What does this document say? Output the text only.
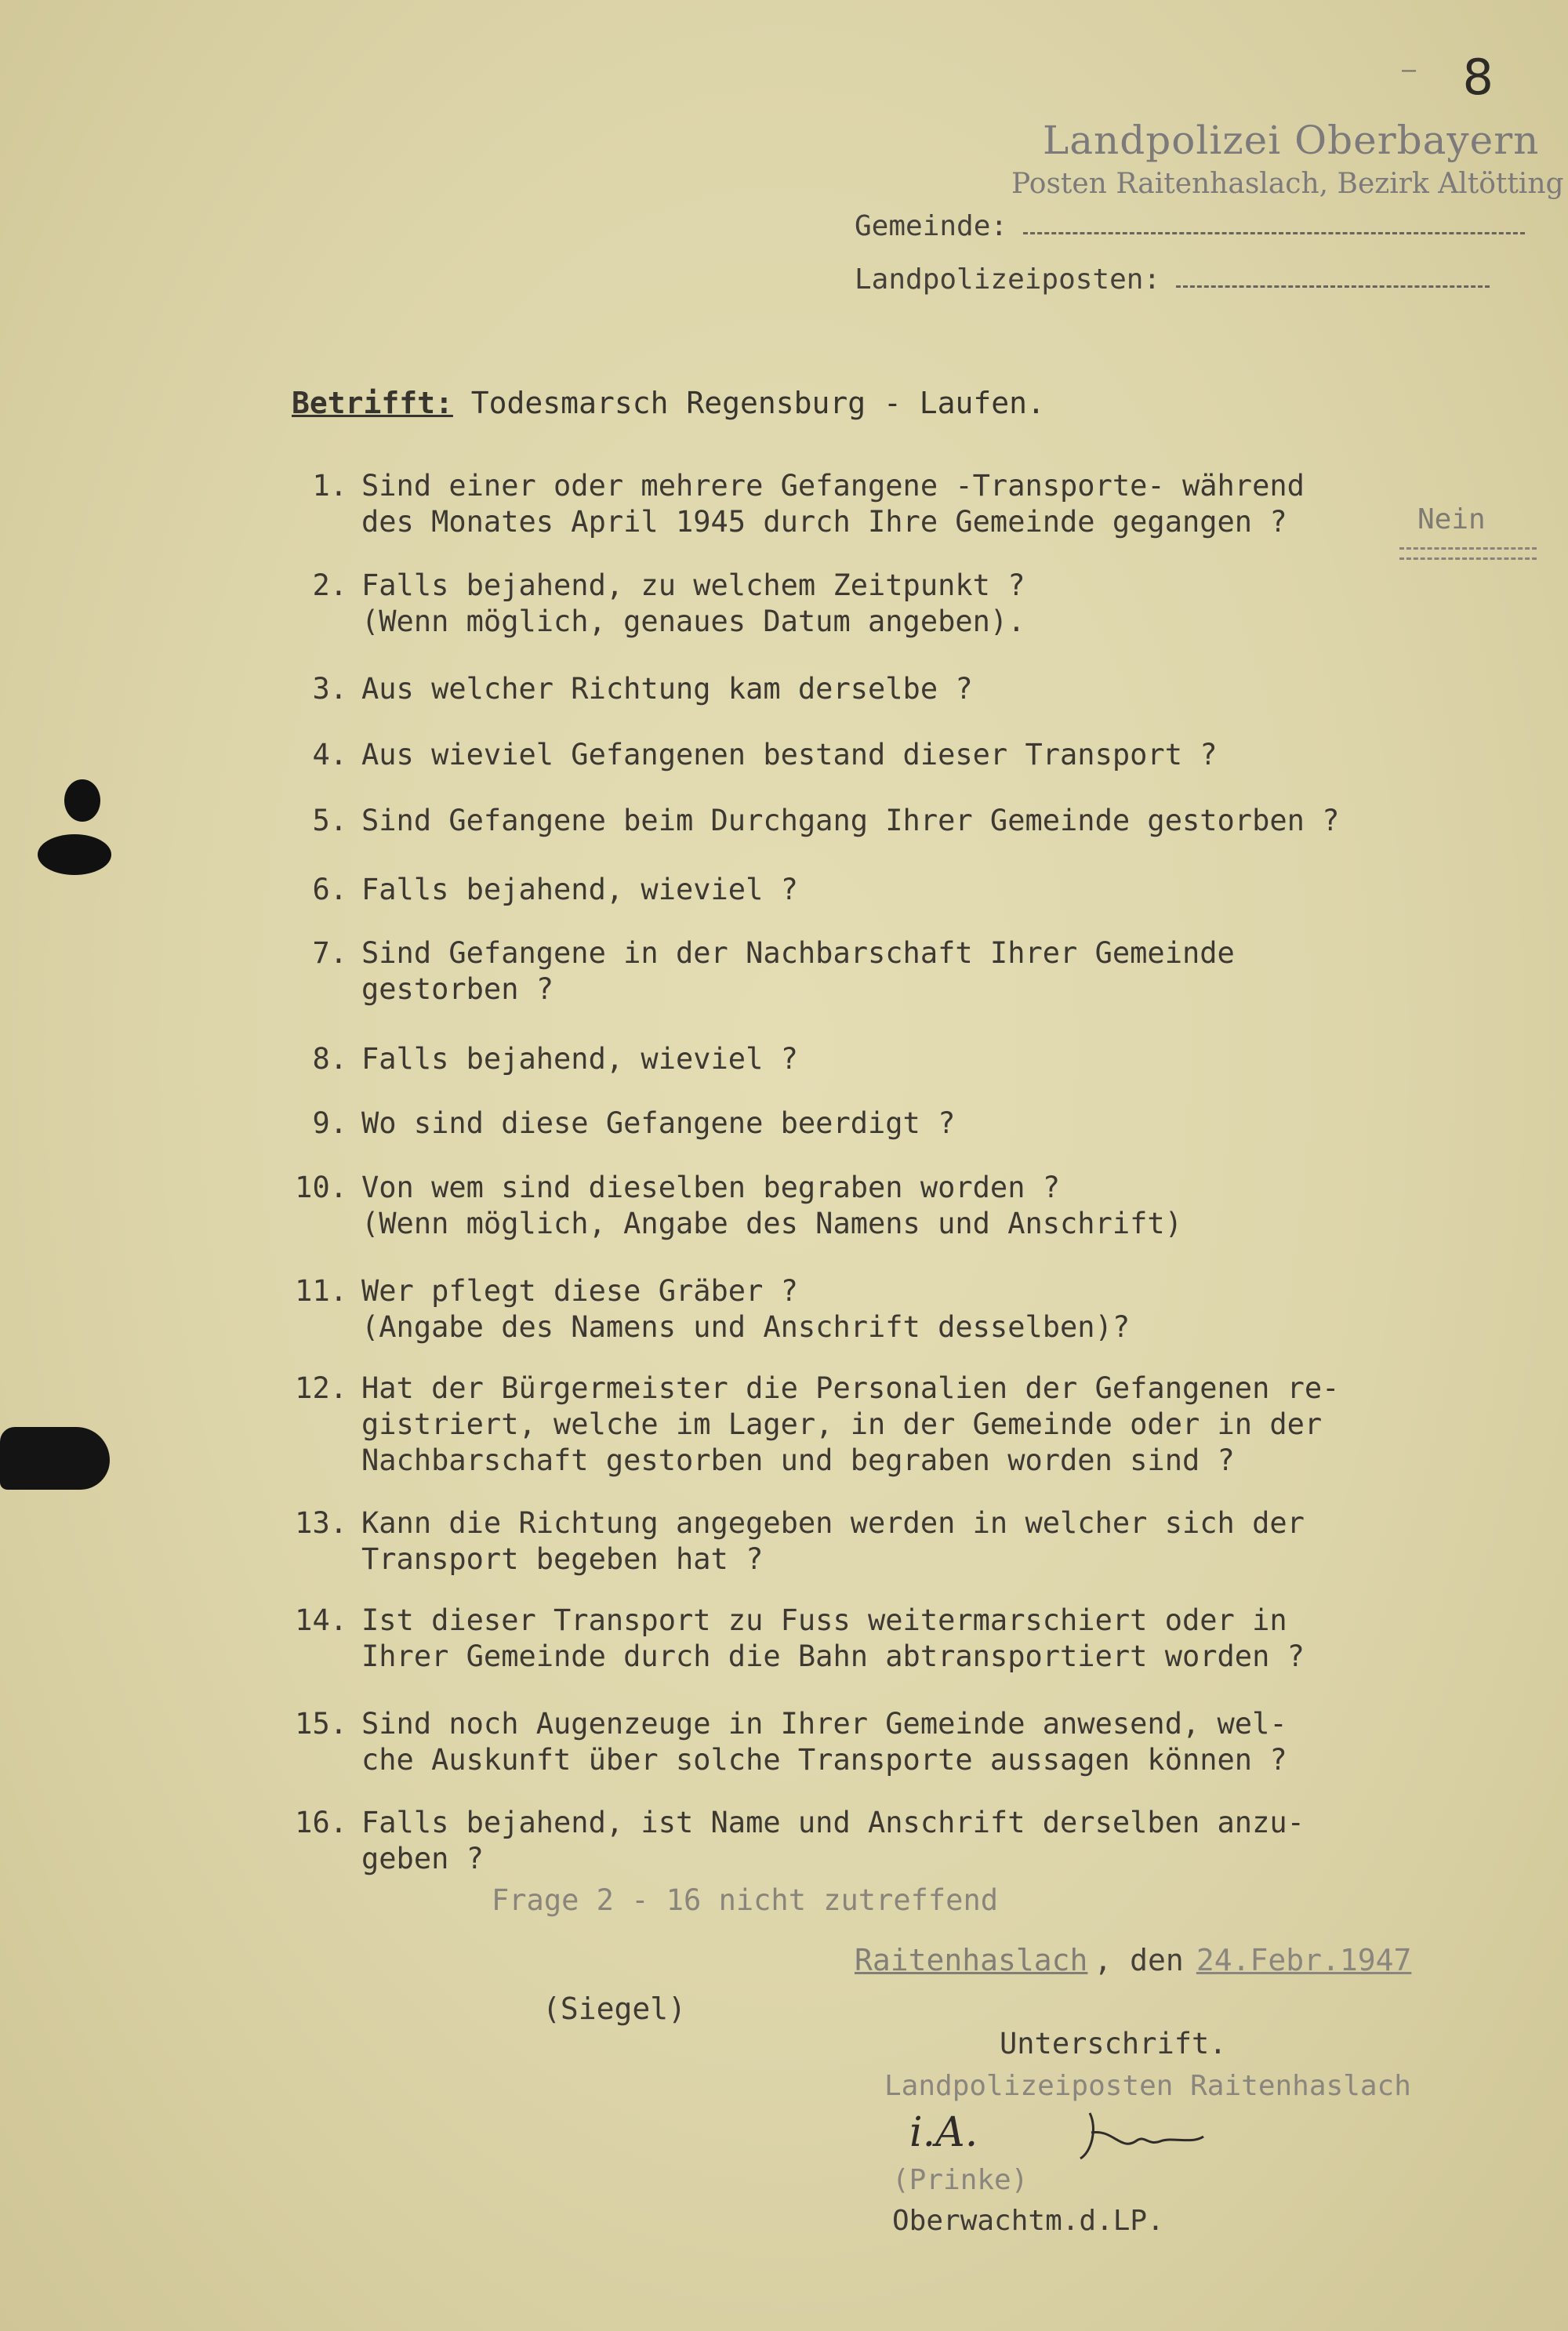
— 8
Landpolizei Oberbayern
Posten Raitenhaslach, Bezirk Altötting
Gemeinde:
Landpolizeiposten:
Betrifft: Todesmarsch Regensburg - Laufen.
1. Sind einer oder mehrere Gefangene -Transporte- während
des Monates April 1945 durch Ihre Gemeinde gegangen ?	Nein
2. Falls bejahend, zu welchem Zeitpunkt ?
(Wenn möglich, genaues Datum angeben).
3. Aus welcher Richtung kam derselbe ?
4. Aus wieviel Gefangenen bestand dieser Transport ?
5. Sind Gefangene beim Durchgang Ihrer Gemeinde gestorben ?
6. Falls bejahend, wieviel ?
7. Sind Gefangene in der Nachbarschaft Ihrer Gemeinde
gestorben ?
8. Falls bejahend, wieviel ?
9. Wo sind diese Gefangene beerdigt ?
10. Von wem sind dieselben begraben worden ?
(Wenn möglich, Angabe des Namens und Anschrift)
11. Wer pflegt diese Gräber ?
(Angabe des Namens und Anschrift desselben)?
12. Hat der Bürgermeister die Personalien der Gefangenen re-
gistriert, welche im Lager, in der Gemeinde oder in der
Nachbarschaft gestorben und begraben worden sind ?
13. Kann die Richtung angegeben werden in welcher sich der
Transport begeben hat ?
14. Ist dieser Transport zu Fuss weitermarschiert oder in
Ihrer Gemeinde durch die Bahn abtransportiert worden ?
15. Sind noch Augenzeuge in Ihrer Gemeinde anwesend, wel-
che Auskunft über solche Transporte aussagen können ?
16. Falls bejahend, ist Name und Anschrift derselben anzu-
geben ?
Frage 2 - 16 nicht zutreffend
Raitenhaslach , den 24.Febr.1947
(Siegel)
Unterschrift.
Landpolizeiposten Raitenhaslach
i.A.
(Prinke)
Oberwachtm.d.LP.
